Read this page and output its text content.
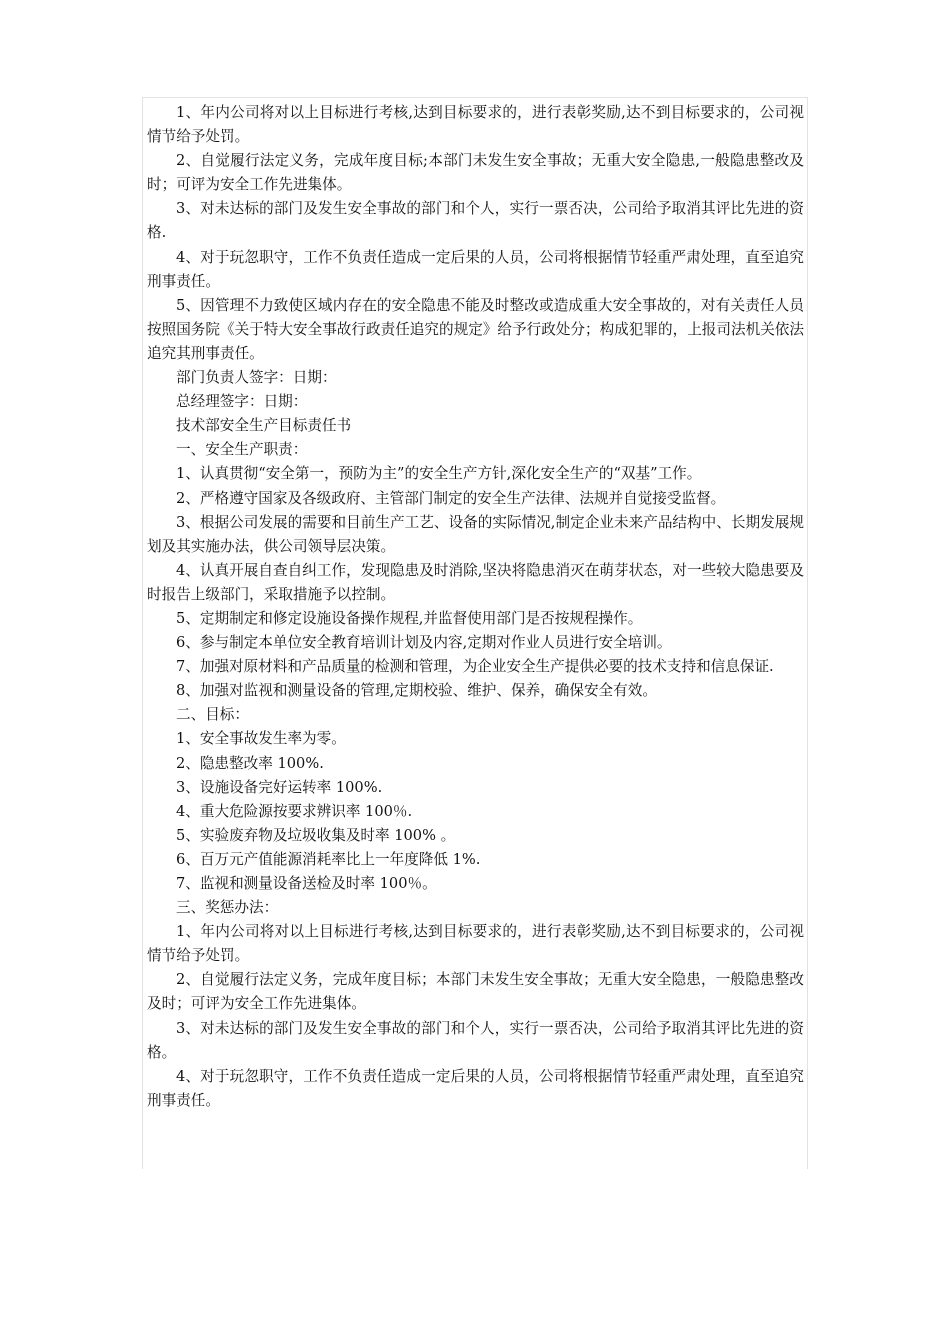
1、年内公司将对以上目标进行考核,达到目标要求的，进行表彰奖励,达不到目标要求的，公司视情节给予处罚。

2、自觉履行法定义务，完成年度目标;本部门未发生安全事故；无重大安全隐患,一般隐患整改及时；可评为安全工作先进集体。

3、对未达标的部门及发生安全事故的部门和个人，实行一票否决，公司给予取消其评比先进的资格.

4、对于玩忽职守，工作不负责任造成一定后果的人员，公司将根据情节轻重严肃处理，直至追究刑事责任。

5、因管理不力致使区域内存在的安全隐患不能及时整改或造成重大安全事故的，对有关责任人员按照国务院《关于特大安全事故行政责任追究的规定》给予行政处分；构成犯罪的，上报司法机关依法追究其刑事责任。

部门负责人签字：日期：

总经理签字：日期：

技术部安全生产目标责任书

一、安全生产职责：

1、认真贯彻“安全第一，预防为主”的安全生产方针,深化安全生产的“双基”工作。

2、严格遵守国家及各级政府、主管部门制定的安全生产法律、法规并自觉接受监督。

3、根据公司发展的需要和目前生产工艺、设备的实际情况,制定企业未来产品结构中、长期发展规划及其实施办法，供公司领导层决策。

4、认真开展自查自纠工作，发现隐患及时消除,坚决将隐患消灭在萌芽状态，对一些较大隐患要及时报告上级部门，采取措施予以控制。

5、定期制定和修定设施设备操作规程,并监督使用部门是否按规程操作。

6、参与制定本单位安全教育培训计划及内容,定期对作业人员进行安全培训。

7、加强对原材料和产品质量的检测和管理，为企业安全生产提供必要的技术支持和信息保证.

8、加强对监视和测量设备的管理,定期校验、维护、保养，确保安全有效。

二、目标：

1、安全事故发生率为零。

2、隐患整改率 100%.

3、设施设备完好运转率 100%.

4、重大危险源按要求辨识率 100％.

5、实验废弃物及垃圾收集及时率 100% 。

6、百万元产值能源消耗率比上一年度降低 1%.

7、监视和测量设备送检及时率 100％。

三、奖惩办法：

1、年内公司将对以上目标进行考核,达到目标要求的，进行表彰奖励,达不到目标要求的，公司视情节给予处罚。

2、自觉履行法定义务，完成年度目标；本部门未发生安全事故；无重大安全隐患，一般隐患整改及时；可评为安全工作先进集体。

3、对未达标的部门及发生安全事故的部门和个人，实行一票否决，公司给予取消其评比先进的资格。

4、对于玩忽职守，工作不负责任造成一定后果的人员，公司将根据情节轻重严肃处理，直至追究刑事责任。
